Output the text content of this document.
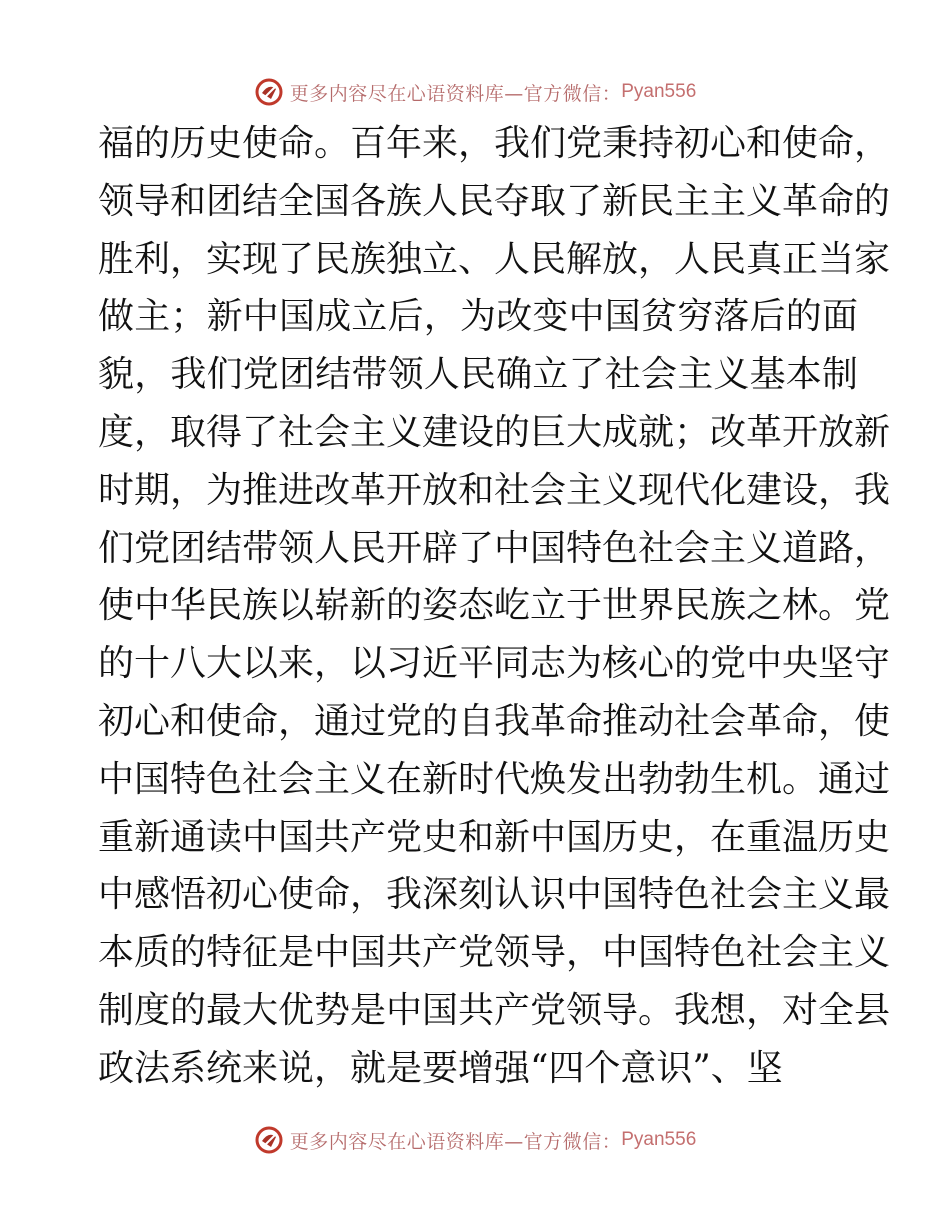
更多内容尽在心语资料库—官方微信： Pyan556
福的历史使命。百年来，我们党秉持初心和使命，
领导和团结全国各族人民夺取了新民主主义革命的
胜利，实现了民族独立、人民解放，人民真正当家
做主；新中国成立后，为改变中国贫穷落后的面
貌，我们党团结带领人民确立了社会主义基本制
度，取得了社会主义建设的巨大成就；改革开放新
时期，为推进改革开放和社会主义现代化建设，我
们党团结带领人民开辟了中国特色社会主义道路，
使中华民族以崭新的姿态屹立于世界民族之林。党
的十八大以来，以习近平同志为核心的党中央坚守
初心和使命，通过党的自我革命推动社会革命，使
中国特色社会主义在新时代焕发出勃勃生机。通过
重新通读中国共产党史和新中国历史，在重温历史
中感悟初心使命，我深刻认识中国特色社会主义最
本质的特征是中国共产党领导，中国特色社会主义
制度的最大优势是中国共产党领导。我想，对全县
政法系统来说，就是要增强“四个意识”、坚
更多内容尽在心语资料库—官方微信： Pyan556
